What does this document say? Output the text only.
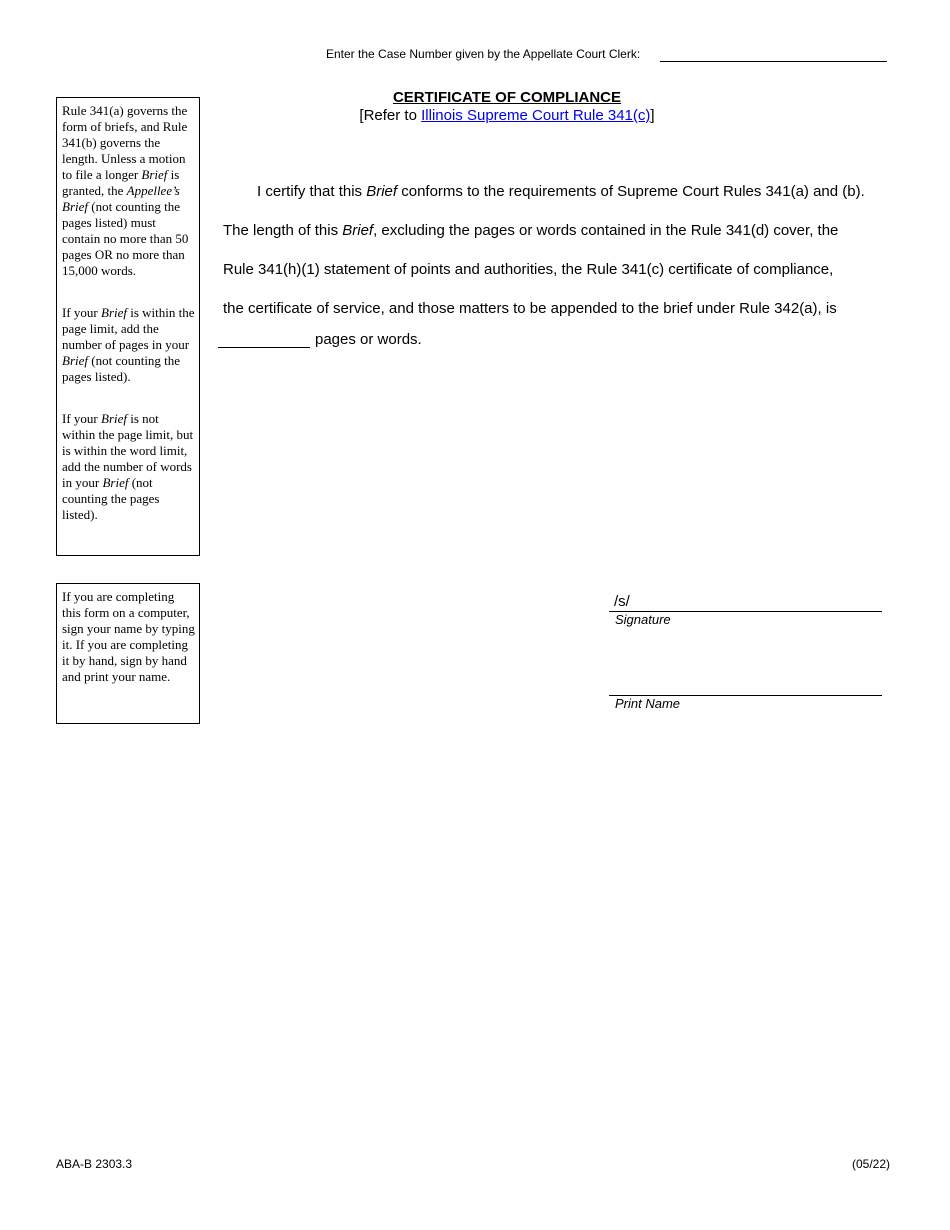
Enter the Case Number given by the Appellate Court Clerk:

Rule 341(a) governs the form of briefs, and Rule 341(b) governs the length. Unless a motion to file a longer Brief is granted, the Appellee’s Brief (not counting the pages listed) must contain no more than 50 pages OR no more than 15,000 words.

If your Brief is within the page limit, add the number of pages in your Brief (not counting the pages listed).

If your Brief is not within the page limit, but is within the word limit, add the number of words in your Brief (not counting the pages listed).

If you are completing this form on a computer, sign your name by typing it. If you are completing it by hand, sign by hand and print your name.
CERTIFICATE OF COMPLIANCE
[Refer to Illinois Supreme Court Rule 341(c)]

I certify that this Brief conforms to the requirements of Supreme Court Rules 341(a) and (b).

The length of this Brief, excluding the pages or words contained in the Rule 341(d) cover, the

Rule 341(h)(1) statement of points and authorities, the Rule 341(c) certificate of compliance,

the certificate of service, and those matters to be appended to the brief under Rule 342(a), is

pages or words.
/s/
Signature
Print Name
ABA-B 2303.3	(05/22)
